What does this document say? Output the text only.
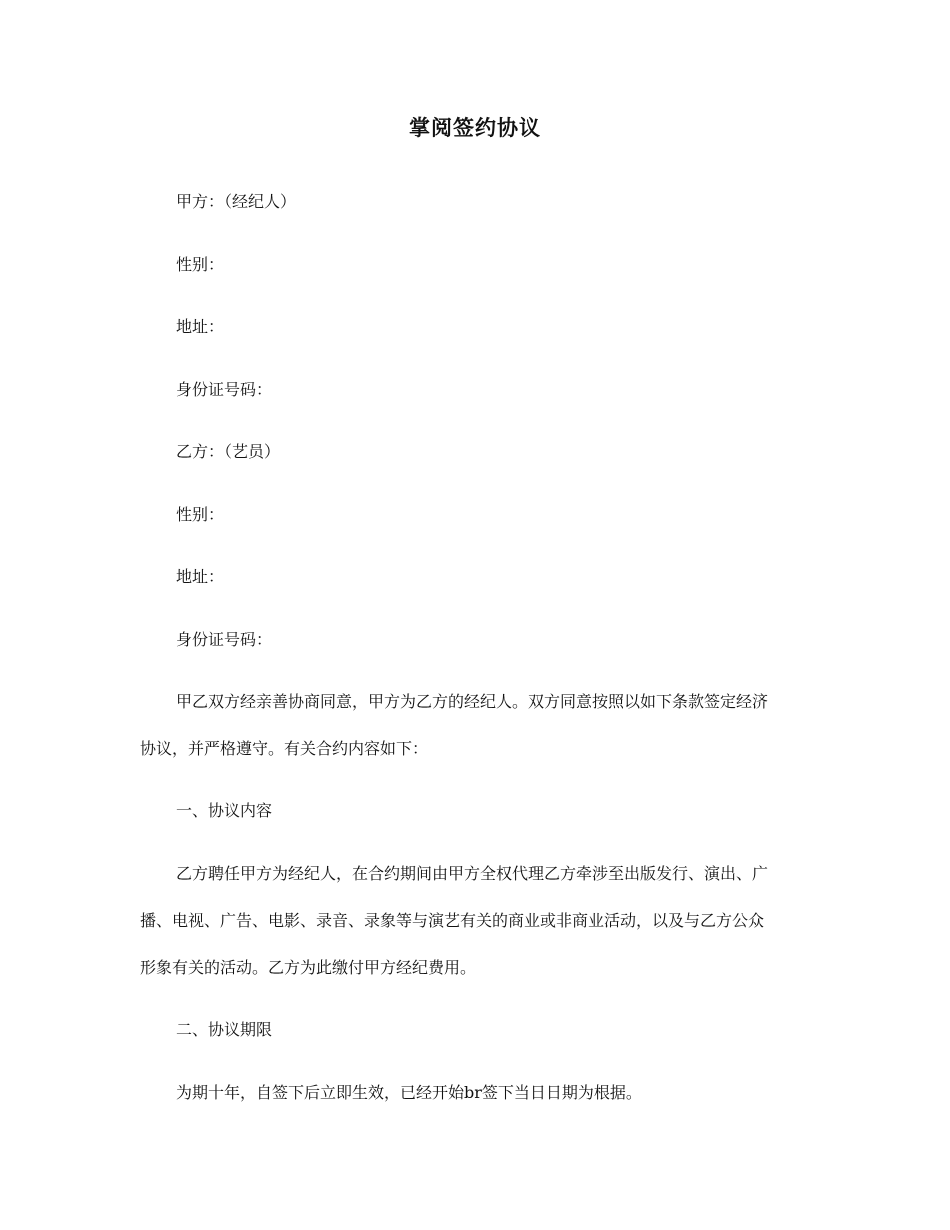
掌阅签约协议
甲方：（经纪人）
性别：
地址：
身份证号码：
乙方：（艺员）
性别：
地址：
身份证号码：
甲乙双方经亲善协商同意，甲方为乙方的经纪人。双方同意按照以如下条款签定经济
协议，并严格遵守。有关合约内容如下：
一、协议内容
乙方聘任甲方为经纪人，在合约期间由甲方全权代理乙方牵涉至出版发行、演出、广
播、电视、广告、电影、录音、录象等与演艺有关的商业或非商业活动，以及与乙方公众
形象有关的活动。乙方为此缴付甲方经纪费用。
二、协议期限
为期十年，自签下后立即生效，已经开始br签下当日日期为根据。
